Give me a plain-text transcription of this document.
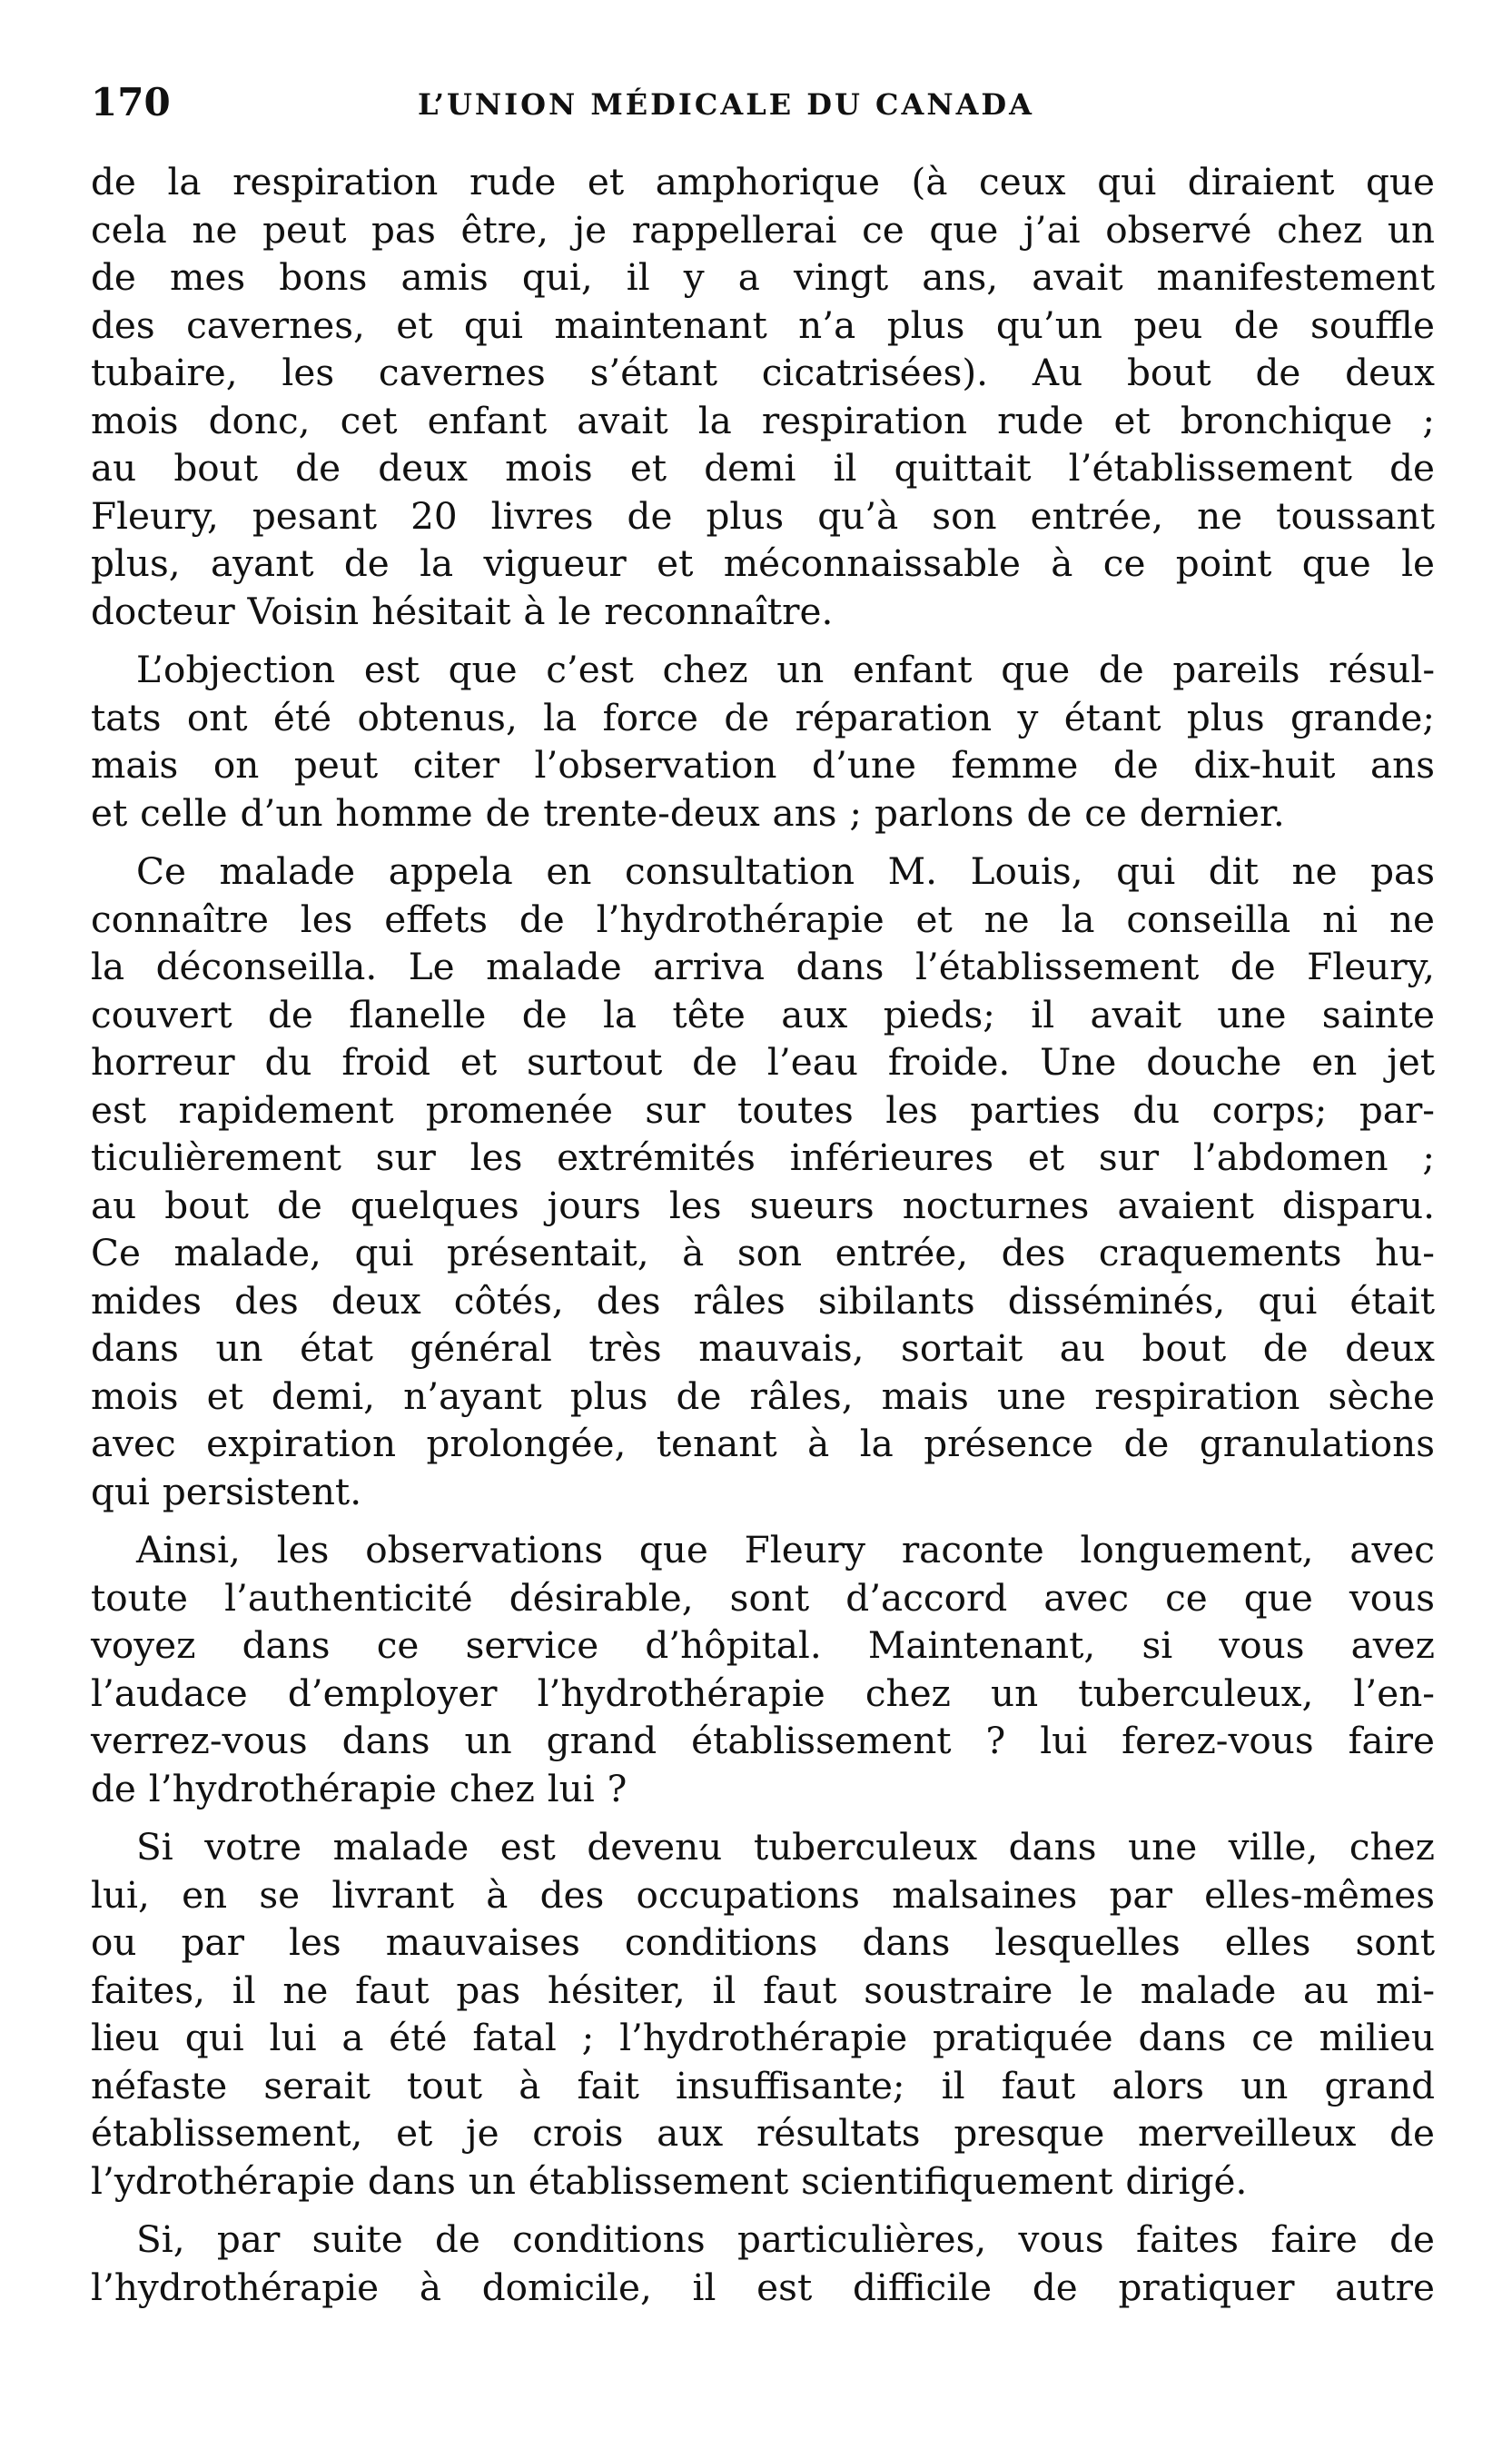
170	L’UNION MÉDICALE DU CANADA
de la respiration rude et amphorique (à ceux qui diraient que
cela ne peut pas être, je rappellerai ce que j’ai observé chez un
de mes bons amis qui, il y a vingt ans, avait manifestement
des cavernes, et qui maintenant n’a plus qu’un peu de souffle
tubaire, les cavernes s’étant cicatrisées). Au bout de deux
mois donc, cet enfant avait la respiration rude et bronchique ;
au bout de deux mois et demi il quittait l’établissement de
Fleury, pesant 20 livres de plus qu’à son entrée, ne toussant
plus, ayant de la vigueur et méconnaissable à ce point que le
docteur Voisin hésitait à le reconnaître.
L’objection est que c’est chez un enfant que de pareils résul-
tats ont été obtenus, la force de réparation y étant plus grande;
mais on peut citer l’observation d’une femme de dix-huit ans
et celle d’un homme de trente-deux ans ; parlons de ce dernier.
Ce malade appela en consultation M. Louis, qui dit ne pas
connaître les effets de l’hydrothérapie et ne la conseilla ni ne
la déconseilla. Le malade arriva dans l’établissement de Fleury,
couvert de flanelle de la tête aux pieds; il avait une sainte
horreur du froid et surtout de l’eau froide. Une douche en jet
est rapidement promenée sur toutes les parties du corps; par-
ticulièrement sur les extrémités inférieures et sur l’abdomen ;
au bout de quelques jours les sueurs nocturnes avaient disparu.
Ce malade, qui présentait, à son entrée, des craquements hu-
mides des deux côtés, des râles sibilants disséminés, qui était
dans un état général très mauvais, sortait au bout de deux
mois et demi, n’ayant plus de râles, mais une respiration sèche
avec expiration prolongée, tenant à la présence de granulations
qui persistent.
Ainsi, les observations que Fleury raconte longuement, avec
toute l’authenticité désirable, sont d’accord avec ce que vous
voyez dans ce service d’hôpital. Maintenant, si vous avez
l’audace d’employer l’hydrothérapie chez un tuberculeux, l’en-
verrez-vous dans un grand établissement ? lui ferez-vous faire
de l’hydrothérapie chez lui ?
Si votre malade est devenu tuberculeux dans une ville, chez
lui, en se livrant à des occupations malsaines par elles-mêmes
ou par les mauvaises conditions dans lesquelles elles sont
faites, il ne faut pas hésiter, il faut soustraire le malade au mi-
lieu qui lui a été fatal ; l’hydrothérapie pratiquée dans ce milieu
néfaste serait tout à fait insuffisante; il faut alors un grand
établissement, et je crois aux résultats presque merveilleux de
l’ydrothérapie dans un établissement scientifiquement dirigé.
Si, par suite de conditions particulières, vous faites faire de
l’hydrothérapie à domicile, il est difficile de pratiquer autre
